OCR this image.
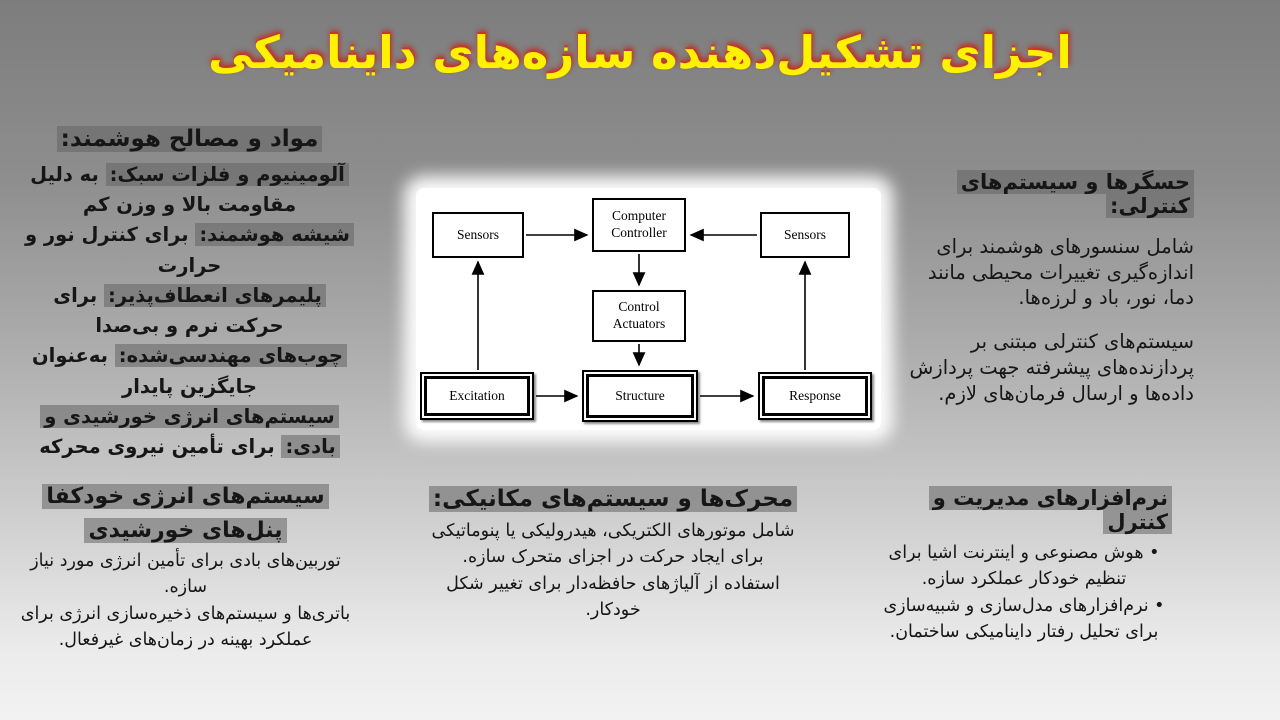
اجزای تشکیل‌دهنده سازه‌های داینامیکی
مواد و مصالح هوشمند:

آلومینیوم و فلزات سبک: به دلیل مقاومت بالا و وزن کم

شیشه هوشمند: برای کنترل نور و حرارت

پلیمرهای انعطاف‌پذیر: برای حرکت نرم و بی‌صدا

چوب‌های مهندسی‌شده: به‌عنوان جایگزین پایدار

سیستم‌های انرژی خورشیدی و بادی: برای تأمین نیروی محرکه

Sensors
Computer Controller	Sensors
Control Actuators
Excitation	Structure	Response
حسگرها و سیستم‌های کنترلی:

شامل سنسورهای هوشمند برای اندازه‌گیری تغییرات محیطی مانند دما، نور، باد و لرزه‌ها.

سیستم‌های کنترلی مبتنی بر پردازنده‌های پیشرفته جهت پردازش داده‌ها و ارسال فرمان‌های لازم.

سیستم‌های انرژی خودکفا
پنل‌های خورشیدی

توربین‌های بادی برای تأمین انرژی مورد نیاز سازه.

باتری‌ها و سیستم‌های ذخیره‌سازی انرژی برای عملکرد بهینه در زمان‌های غیرفعال.

محرک‌ها و سیستم‌های مکانیکی:

شامل موتورهای الکتریکی، هیدرولیکی یا پنوماتیکی برای ایجاد حرکت در اجزای متحرک سازه.

استفاده از آلیاژهای حافظه‌دار برای تغییر شکل خودکار.

نرم‌افزارهای مدیریت و کنترل

• هوش مصنوعی و اینترنت اشیا برای تنظیم خودکار عملکرد سازه.

• نرم‌افزارهای مدل‌سازی و شبیه‌سازی برای تحلیل رفتار داینامیکی ساختمان.
